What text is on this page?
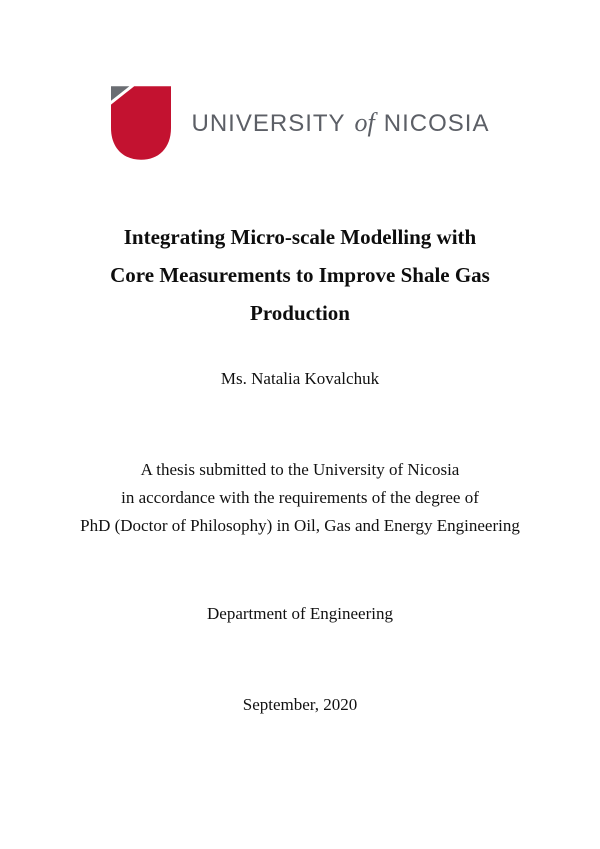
UNIVERSITY of NICOSIA
Integrating Micro-scale Modelling with
Core Measurements to Improve Shale Gas
Production
Ms. Natalia Kovalchuk
A thesis submitted to the University of Nicosia
in accordance with the requirements of the degree of
PhD (Doctor of Philosophy) in Oil, Gas and Energy Engineering
Department of Engineering
September, 2020
